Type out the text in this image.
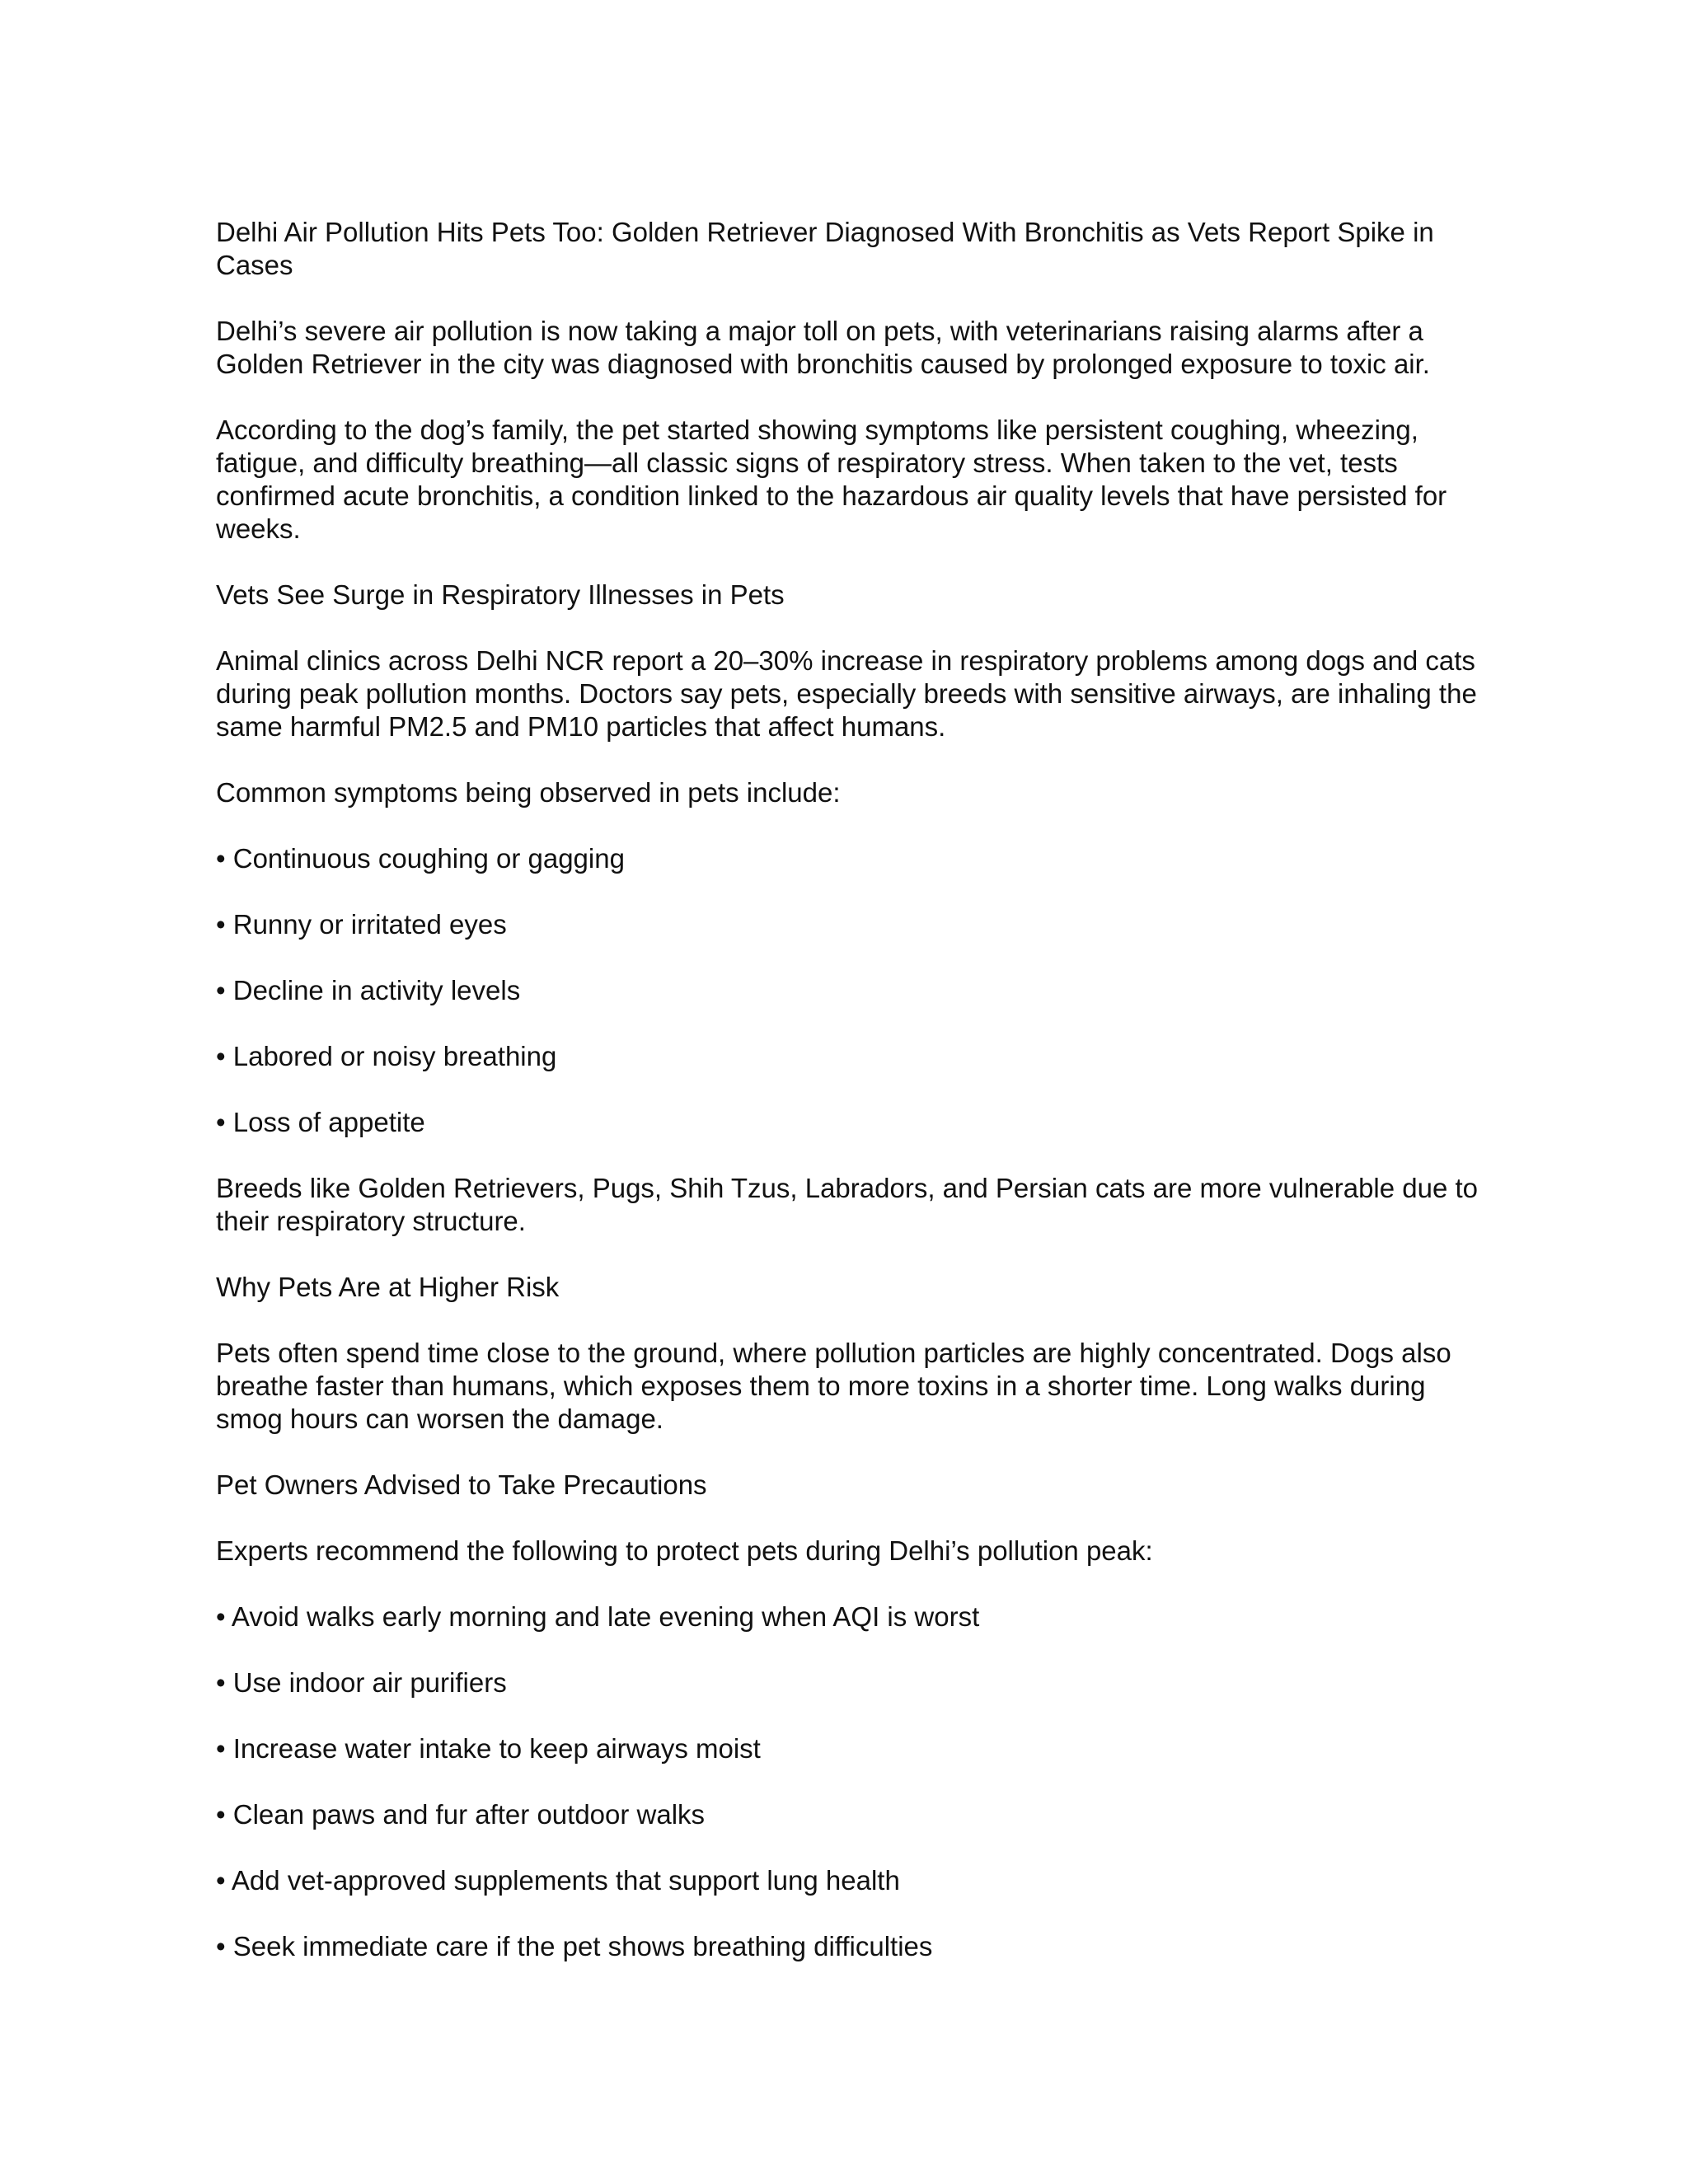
Delhi Air Pollution Hits Pets Too: Golden Retriever Diagnosed With Bronchitis as Vets Report Spike in Cases

Delhi’s severe air pollution is now taking a major toll on pets, with veterinarians raising alarms after a Golden Retriever in the city was diagnosed with bronchitis caused by prolonged exposure to toxic air.

According to the dog’s family, the pet started showing symptoms like persistent coughing, wheezing, fatigue, and difficulty breathing—all classic signs of respiratory stress. When taken to the vet, tests confirmed acute bronchitis, a condition linked to the hazardous air quality levels that have persisted for weeks.

Vets See Surge in Respiratory Illnesses in Pets

Animal clinics across Delhi NCR report a 20–30% increase in respiratory problems among dogs and cats during peak pollution months. Doctors say pets, especially breeds with sensitive airways, are inhaling the same harmful PM2.5 and PM10 particles that affect humans.

Common symptoms being observed in pets include:

• Continuous coughing or gagging
• Runny or irritated eyes
• Decline in activity levels
• Labored or noisy breathing
• Loss of appetite

Breeds like Golden Retrievers, Pugs, Shih Tzus, Labradors, and Persian cats are more vulnerable due to their respiratory structure.

Why Pets Are at Higher Risk

Pets often spend time close to the ground, where pollution particles are highly concentrated. Dogs also breathe faster than humans, which exposes them to more toxins in a shorter time. Long walks during smog hours can worsen the damage.

Pet Owners Advised to Take Precautions

Experts recommend the following to protect pets during Delhi’s pollution peak:

• Avoid walks early morning and late evening when AQI is worst
• Use indoor air purifiers
• Increase water intake to keep airways moist
• Clean paws and fur after outdoor walks
• Add vet-approved supplements that support lung health
• Seek immediate care if the pet shows breathing difficulties
